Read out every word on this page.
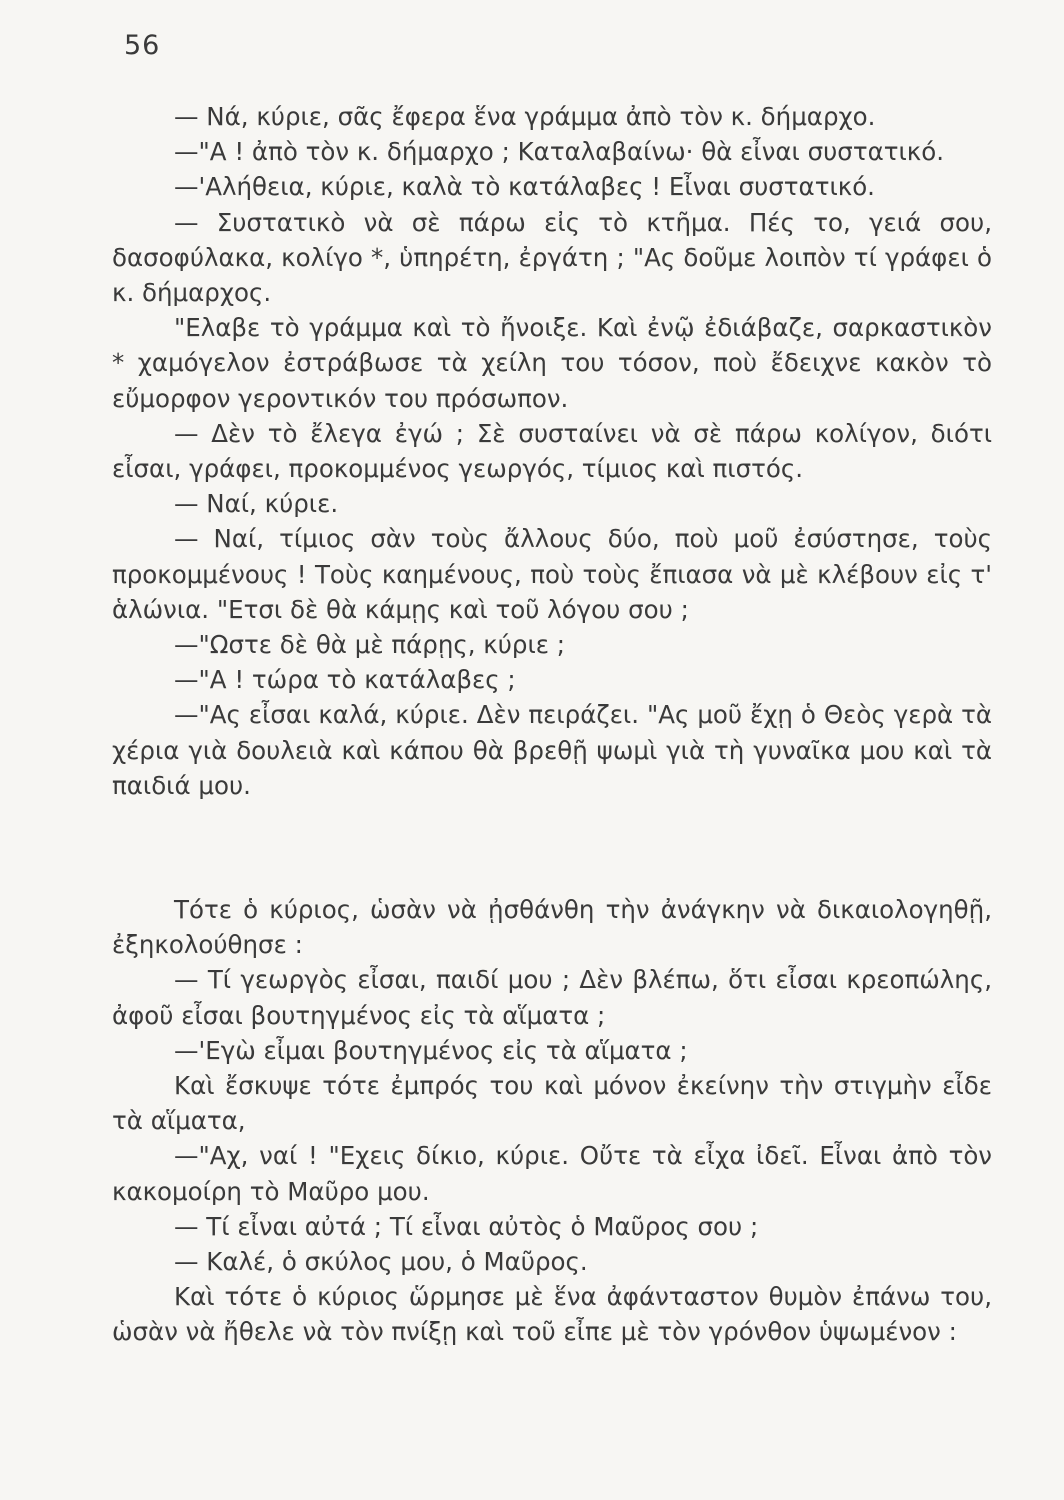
56

— Νά, κύριε, σᾶς ἔφερα ἕνα γράμμα ἀπὸ τὸν κ. δήμαρχο.

—"Α ! ἀπὸ τὸν κ. δήμαρχο ; Καταλαβαίνω· θὰ εἶναι συστατικό.

—'Αλήθεια, κύριε, καλὰ τὸ κατάλαβες ! Εἶναι συστατικό.

— Συστατικὸ νὰ σὲ πάρω εἰς τὸ κτῆμα. Πές το, γειά σου, δασοφύλακα, κολίγο *, ὑπηρέτη, ἐργάτη ; "Ας δοῦμε λοιπὸν τί γράφει ὁ κ. δήμαρχος.

"Ελαβε τὸ γράμμα καὶ τὸ ἤνοιξε. Καὶ ἐνῷ ἐδιάβαζε, σαρκαστικὸν * χαμόγελον ἐστράβωσε τὰ χείλη του τόσον, ποὺ ἔδειχνε κακὸν τὸ εὔμορφον γεροντικόν του πρόσωπον.

— Δὲν τὸ ἔλεγα ἐγώ ; Σὲ συσταίνει νὰ σὲ πάρω κολίγον, διότι εἶσαι, γράφει, προκομμένος γεωργός, τίμιος καὶ πιστός.

— Ναί, κύριε.

— Ναί, τίμιος σὰν τοὺς ἄλλους δύο, ποὺ μοῦ ἐσύστησε, τοὺς προκομμένους ! Τοὺς καημένους, ποὺ τοὺς ἔπιασα νὰ μὲ κλέβουν εἰς τ' ἁλώνια. "Ετσι δὲ θὰ κάμῃς καὶ τοῦ λόγου σου ;

—"Ωστε δὲ θὰ μὲ πάρῃς, κύριε ;

—"Α ! τώρα τὸ κατάλαβες ;

—"Ας εἶσαι καλά, κύριε. Δὲν πειράζει. "Ας μοῦ ἔχῃ ὁ Θεὸς γερὰ τὰ χέρια γιὰ δουλειὰ καὶ κάπου θὰ βρεθῇ ψωμὶ γιὰ τὴ γυναῖκα μου καὶ τὰ παιδιά μου.

Τότε ὁ κύριος, ὡσὰν νὰ ᾐσθάνθη τὴν ἀνάγκην νὰ δικαιολογηθῇ, ἐξηκολούθησε :

— Τί γεωργὸς εἶσαι, παιδί μου ; Δὲν βλέπω, ὅτι εἶσαι κρεοπώλης, ἀφοῦ εἶσαι βουτηγμένος εἰς τὰ αἵματα ;

—'Εγὼ εἶμαι βουτηγμένος εἰς τὰ αἵματα ;

Καὶ ἔσκυψε τότε ἐμπρός του καὶ μόνον ἐκείνην τὴν στιγμὴν εἶδε τὰ αἵματα,

—"Αχ, ναί ! "Εχεις δίκιο, κύριε. Οὔτε τὰ εἶχα ἰδεῖ. Εἶναι ἀπὸ τὸν κακομοίρη τὸ Μαῦρο μου.

— Τί εἶναι αὐτά ; Τί εἶναι αὐτὸς ὁ Μαῦρος σου ;

— Καλέ, ὁ σκύλος μου, ὁ Μαῦρος.

Καὶ τότε ὁ κύριος ὥρμησε μὲ ἕνα ἀφάνταστον θυμὸν ἐπάνω του, ὡσὰν νὰ ἤθελε νὰ τὸν πνίξῃ καὶ τοῦ εἶπε μὲ τὸν γρόνθον ὑψωμένον :
